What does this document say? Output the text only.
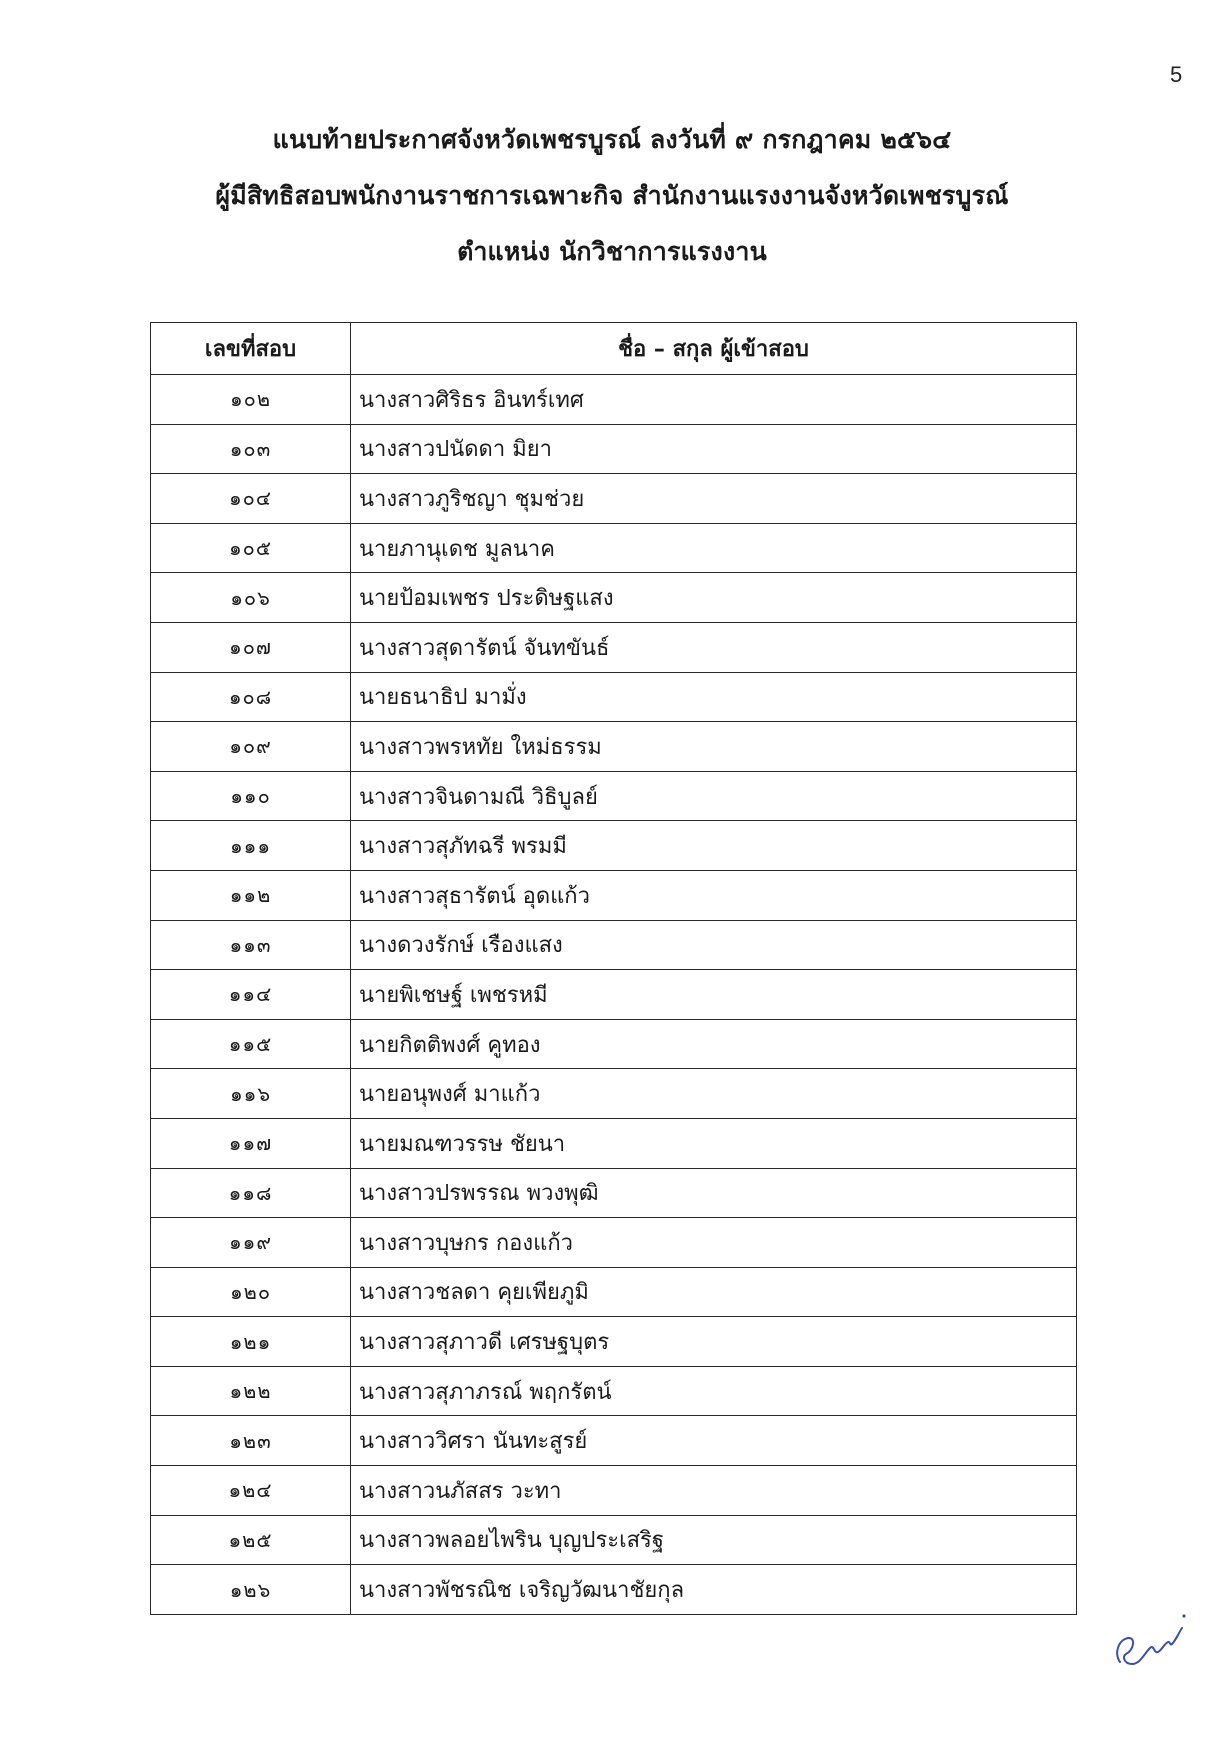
5
แนบท้ายประกาศจังหวัดเพชรบูรณ์ ลงวันที่ ๙ กรกฎาคม ๒๕๖๔
ผู้มีสิทธิสอบพนักงานราชการเฉพาะกิจ สำนักงานแรงงานจังหวัดเพชรบูรณ์
ตำแหน่ง นักวิชาการแรงงาน
เลขที่สอบ	ชื่อ – สกุล ผู้เข้าสอบ
๑๐๒	นางสาวศิริธร อินทร์เทศ
๑๐๓	นางสาวปนัดดา มิยา
๑๐๔	นางสาวภูริชญา ชุมช่วย
๑๐๕	นายภานุเดช มูลนาค
๑๐๖	นายป้อมเพชร ประดิษฐแสง
๑๐๗	นางสาวสุดารัตน์ จันทขันธ์
๑๐๘	นายธนาธิป มามั่ง
๑๐๙	นางสาวพรหทัย ใหม่ธรรม
๑๑๐	นางสาวจินดามณี วิธิบูลย์
๑๑๑	นางสาวสุภัทฉรี พรมมี
๑๑๒	นางสาวสุธารัตน์ อุดแก้ว
๑๑๓	นางดวงรักษ์ เรืองแสง
๑๑๔	นายพิเชษฐ์ เพชรหมี
๑๑๕	นายกิตติพงศ์ คูทอง
๑๑๖	นายอนุพงศ์ มาแก้ว
๑๑๗	นายมณฑวรรษ ชัยนา
๑๑๘	นางสาวปรพรรณ พวงพุฒิ
๑๑๙	นางสาวบุษกร กองแก้ว
๑๒๐	นางสาวชลดา คุยเพียภูมิ
๑๒๑	นางสาวสุภาวดี เศรษฐบุตร
๑๒๒	นางสาวสุภาภรณ์ พฤกรัตน์
๑๒๓	นางสาววิศรา นันทะสูรย์
๑๒๔	นางสาวนภัสสร วะทา
๑๒๕	นางสาวพลอยไพริน บุญประเสริฐ
๑๒๖	นางสาวพัชรณิช เจริญวัฒนาชัยกุล
